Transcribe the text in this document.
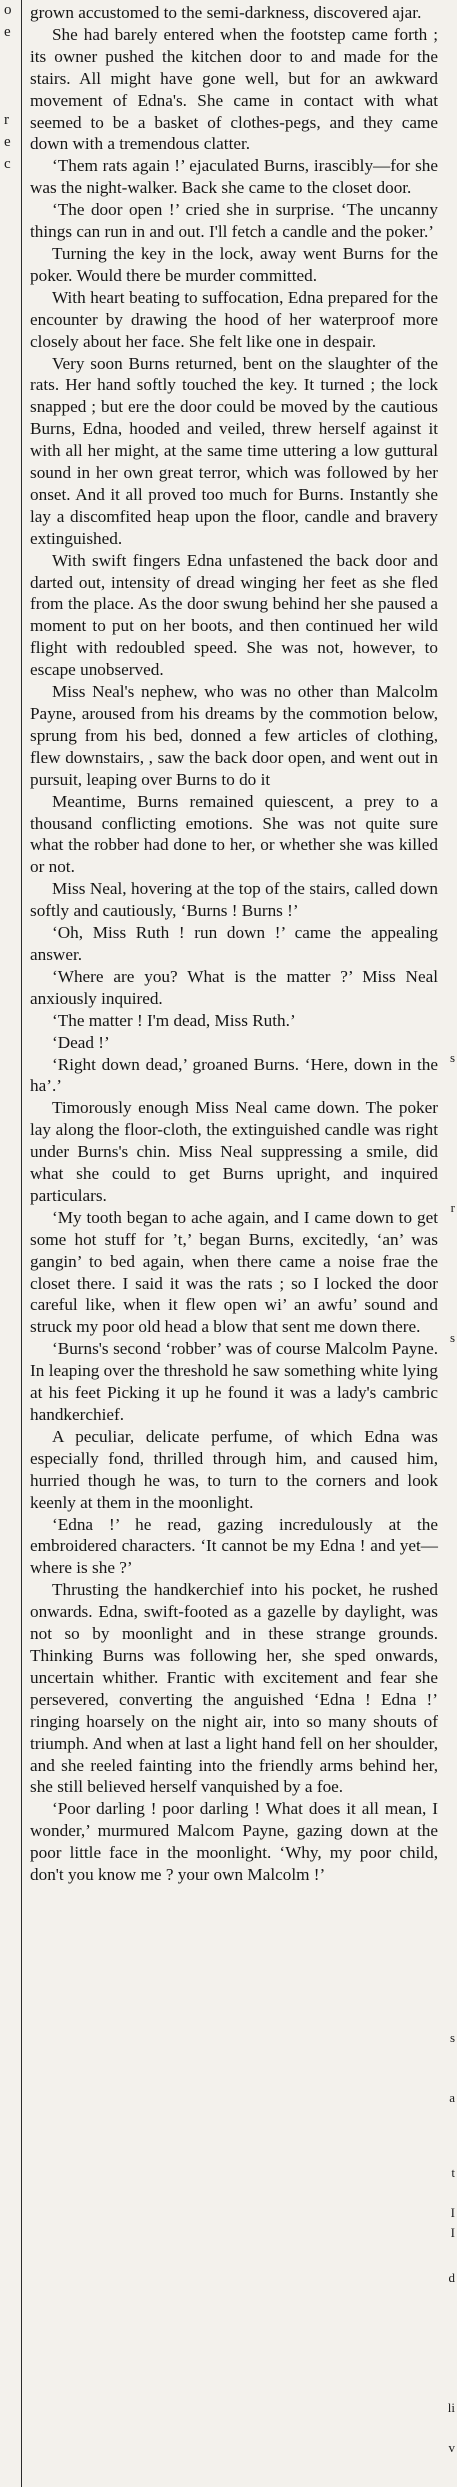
o
e
r
e
c
s
r
s
s
a
t
I
I
d
li
v

grown accustomed to the semi-darkness, discovered ajar.

She had barely entered when the footstep came forth ; its owner pushed the kitchen door to and made for the stairs. All might have gone well, but for an awkward movement of Edna's. She came in contact with what seemed to be a basket of clothes-pegs, and they came down with a tremendous clatter.

‘Them rats again !’ ejaculated Burns, irascibly—for she was the night-walker. Back she came to the closet door.

‘The door open !’ cried she in surprise. ‘The uncanny things can run in and out. I'll fetch a candle and the poker.’

Turning the key in the lock, away went Burns for the poker. Would there be murder committed.

With heart beating to suffocation, Edna prepared for the encounter by drawing the hood of her waterproof more closely about her face. She felt like one in despair.

Very soon Burns returned, bent on the slaughter of the rats. Her hand softly touched the key. It turned ; the lock snapped ; but ere the door could be moved by the cautious Burns, Edna, hooded and veiled, threw herself against it with all her might, at the same time uttering a low guttural sound in her own great terror, which was followed by her onset. And it all proved too much for Burns. Instantly she lay a discomfited heap upon the floor, candle and bravery extinguished.

With swift fingers Edna unfastened the back door and darted out, intensity of dread winging her feet as she fled from the place. As the door swung behind her she paused a moment to put on her boots, and then continued her wild flight with redoubled speed. She was not, however, to escape unobserved.

Miss Neal's nephew, who was no other than Malcolm Payne, aroused from his dreams by the commotion below, sprung from his bed, donned a few articles of clothing, flew downstairs, , saw the back door open, and went out in pursuit, leaping over Burns to do it

Meantime, Burns remained quiescent, a prey to a thousand conflicting emotions. She was not quite sure what the robber had done to her, or whether she was killed or not.

Miss Neal, hovering at the top of the stairs, called down softly and cautiously, ‘Burns ! Burns !’

‘Oh, Miss Ruth ! run down !’ came the appealing answer.

‘Where are you? What is the matter ?’ Miss Neal anxiously inquired.

‘The matter ! I'm dead, Miss Ruth.’

‘Dead !’

‘Right down dead,’ groaned Burns. ‘Here, down in the ha’.’

Timorously enough Miss Neal came down. The poker lay along the floor-cloth, the extinguished candle was right under Burns's chin. Miss Neal suppressing a smile, did what she could to get Burns upright, and inquired particulars.

‘My tooth began to ache again, and I came down to get some hot stuff for ’t,’ began Burns, excitedly, ‘an’ was gangin’ to bed again, when there came a noise frae the closet there. I said it was the rats ; so I locked the door careful like, when it flew open wi’ an awfu’ sound and struck my poor old head a blow that sent me down there.

‘Burns's second ‘robber’ was of course Malcolm Payne. In leaping over the threshold he saw something white lying at his feet Picking it up he found it was a lady's cambric handkerchief.

A peculiar, delicate perfume, of which Edna was especially fond, thrilled through him, and caused him, hurried though he was, to turn to the corners and look keenly at them in the moonlight.

‘Edna !’ he read, gazing incredulously at the embroidered characters. ‘It cannot be my Edna ! and yet—where is she ?’

Thrusting the handkerchief into his pocket, he rushed onwards. Edna, swift-footed as a gazelle by daylight, was not so by moonlight and in these strange grounds. Thinking Burns was following her, she sped onwards, uncertain whither. Frantic with excitement and fear she persevered, converting the anguished ‘Edna ! Edna !’ ringing hoarsely on the night air, into so many shouts of triumph. And when at last a light hand fell on her shoulder, and she reeled fainting into the friendly arms behind her, she still believed herself vanquished by a foe.

‘Poor darling ! poor darling ! What does it all mean, I wonder,’ murmured Malcom Payne, gazing down at the poor little face in the moonlight. ‘Why, my poor child, don't you know me ? your own Malcolm !’
